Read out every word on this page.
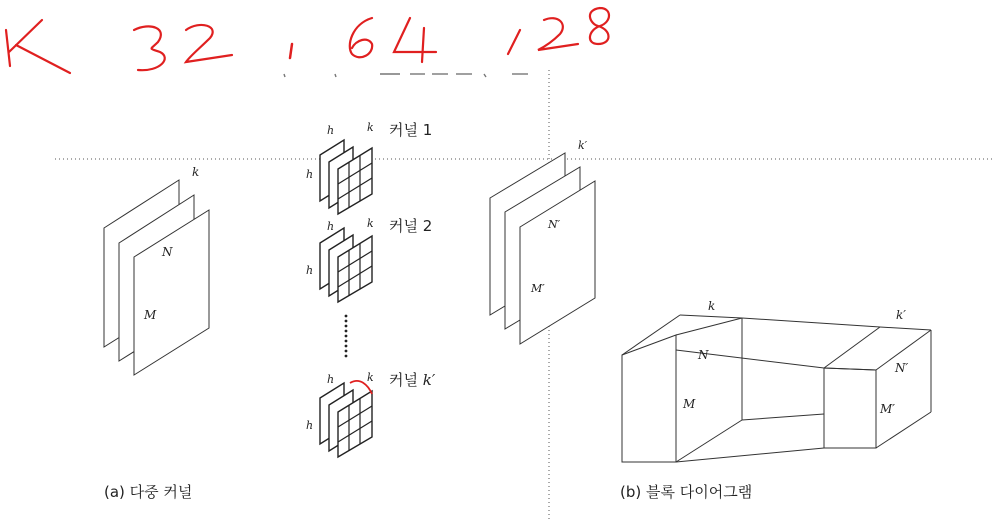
k
N
M
h
h
k 커널 1
h
h
k 커널 2
h
h
k 커널 k′
k′
N′
M′
(a) 다중 커널
k
N
M
k′
N′
M′
(b) 블록 다이어그램
